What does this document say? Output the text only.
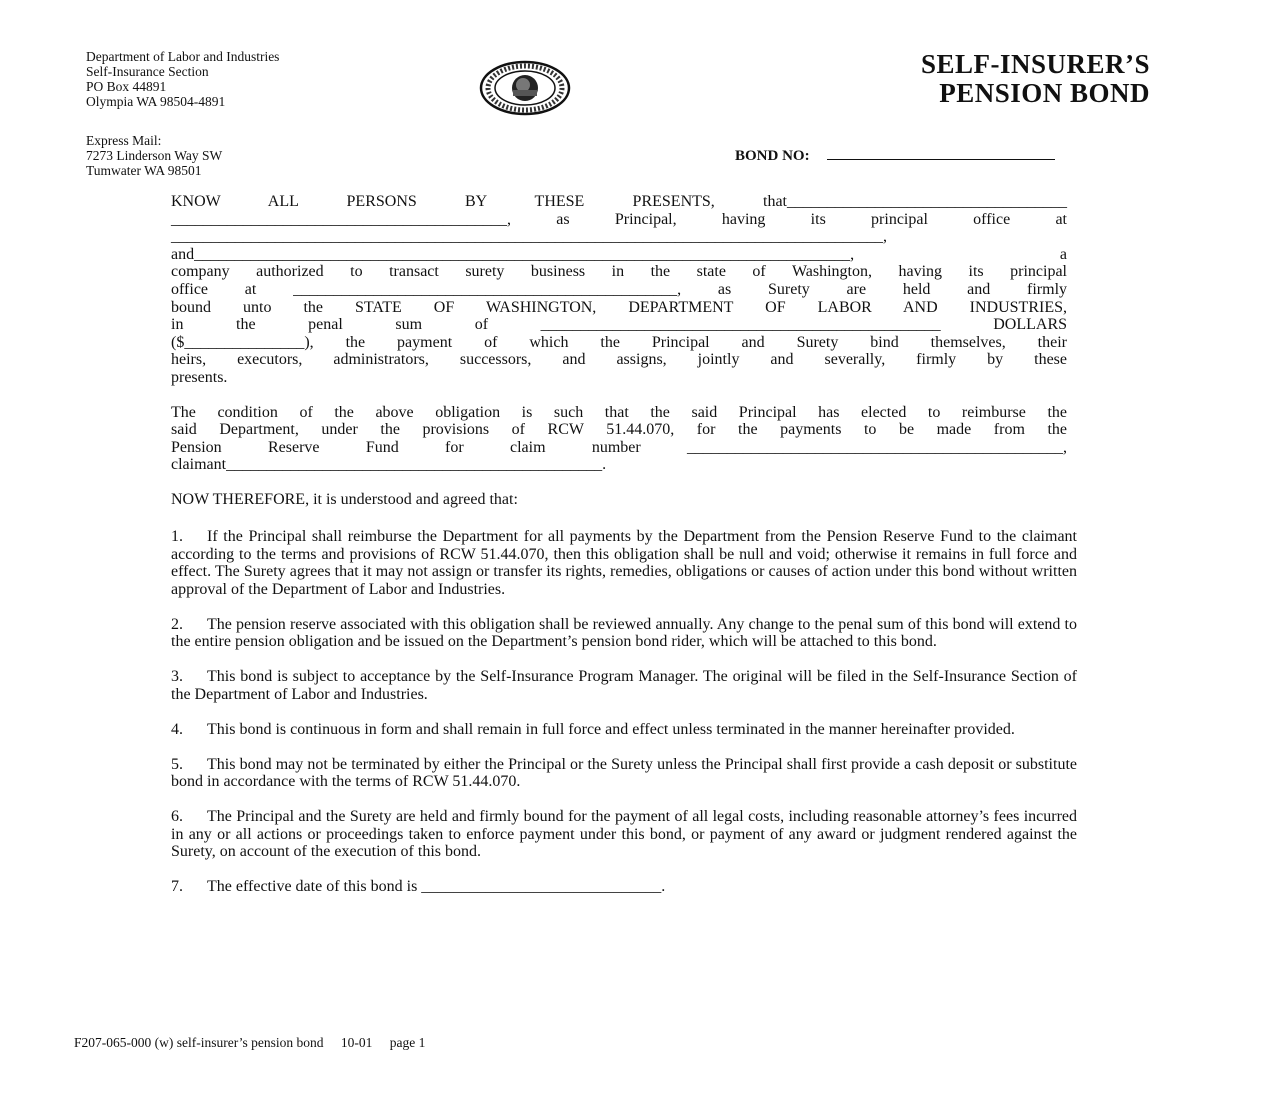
Department of Labor and Industries
Self-Insurance Section
PO Box 44891
Olympia WA 98504-4891
Express Mail:
7273 Linderson Way SW
Tumwater WA 98501
SELF-INSURER’S
PENSION BOND
BOND NO:
KNOW ALL PERSONS BY THESE PRESENTS, that___________________________________
__________________________________________, as Principal, having its principal office at
_________________________________________________________________________________________,
and__________________________________________________________________________________, a
company authorized to transact surety business in the state of Washington, having its principal
office at ________________________________________________, as Surety are held and firmly
bound unto the STATE OF WASHINGTON, DEPARTMENT OF LABOR AND INDUSTRIES,
in the penal sum of	__________________________________________________	DOLLARS
($_______________), the payment of which the Principal and Surety bind themselves, their
heirs, executors, administrators, successors, and assigns, jointly and severally, firmly by these
presents.
The condition of the above obligation is such that the said Principal has elected to reimburse the
said Department, under the provisions of RCW 51.44.070, for the payments to be made from the
Pension Reserve Fund for claim number	_______________________________________________,
claimant_______________________________________________.
NOW THEREFORE, it is understood and agreed that:
1. If the Principal shall reimburse the Department for all payments by the Department from the Pension Reserve Fund to the claimant according to the terms and provisions of RCW 51.44.070, then this obligation shall be null and void; otherwise it remains in full force and effect. The Surety agrees that it may not assign or transfer its rights, remedies, obligations or causes of action under this bond without written approval of the Department of Labor and Industries.
2. The pension reserve associated with this obligation shall be reviewed annually. Any change to the penal sum of this bond will extend to the entire pension obligation and be issued on the Department’s pension bond rider, which will be attached to this bond.
3. This bond is subject to acceptance by the Self-Insurance Program Manager. The original will be filed in the Self-Insurance Section of the Department of Labor and Industries.
4. This bond is continuous in form and shall remain in full force and effect unless terminated in the manner hereinafter provided.
5. This bond may not be terminated by either the Principal or the Surety unless the Principal shall first provide a cash deposit or substitute bond in accordance with the terms of RCW 51.44.070.
6. The Principal and the Surety are held and firmly bound for the payment of all legal costs, including reasonable attorney’s fees incurred in any or all actions or proceedings taken to enforce payment under this bond, or payment of any award or judgment rendered against the Surety, on account of the execution of this bond.
7. The effective date of this bond is ______________________________.
F207-065-000 (w) self-insurer’s pension bond 10-01 page 1
